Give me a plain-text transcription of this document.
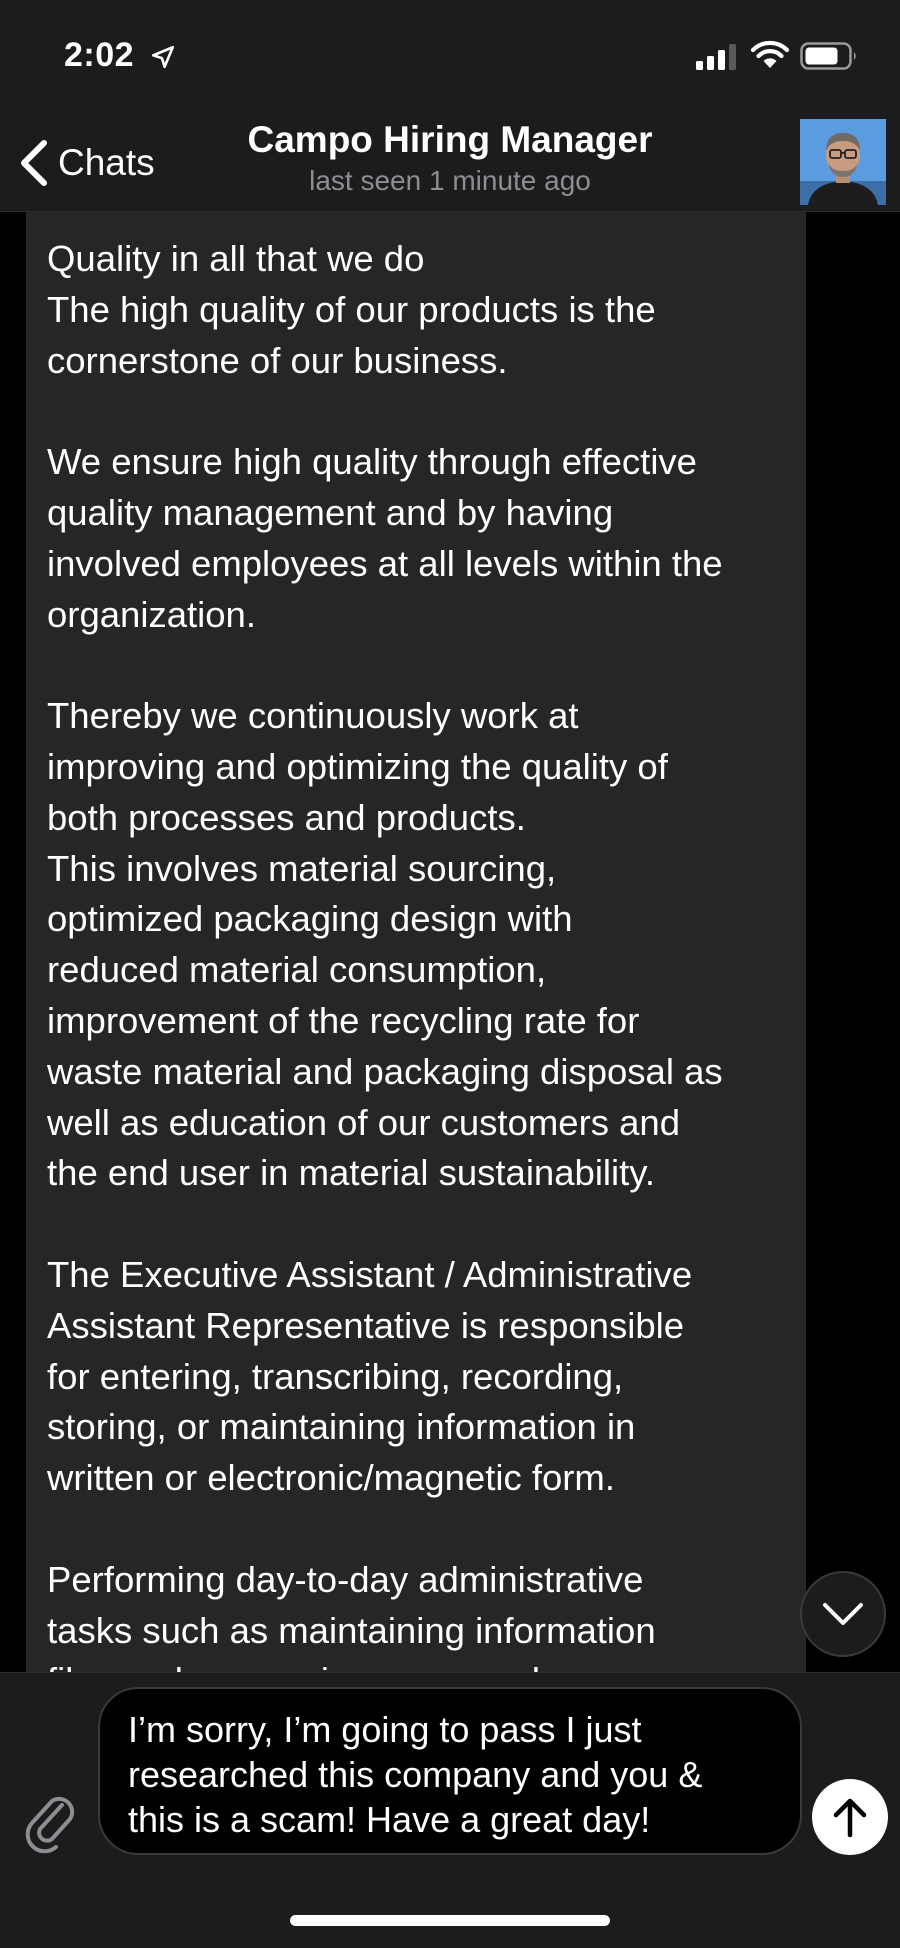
2:02
Chats
Campo Hiring Manager
last seen 1 minute ago

Quality in all that we do
The high quality of our products is the
cornerstone of our business.

We ensure high quality through effective
quality management and by having
involved employees at all levels within the
organization.

Thereby we continuously work at
improving and optimizing the quality of
both processes and products.
This involves material sourcing,
optimized packaging design with
reduced material consumption,
improvement of the recycling rate for
waste material and packaging disposal as
well as education of our customers and
the end user in material sustainability.

The Executive Assistant / Administrative
Assistant Representative is responsible
for entering, transcribing, recording,
storing, or maintaining information in
written or electronic/magnetic form.

Performing day-to-day administrative
tasks such as maintaining information

I’m sorry, I’m going to pass I just
researched this company and you &
this is a scam! Have a great day!
